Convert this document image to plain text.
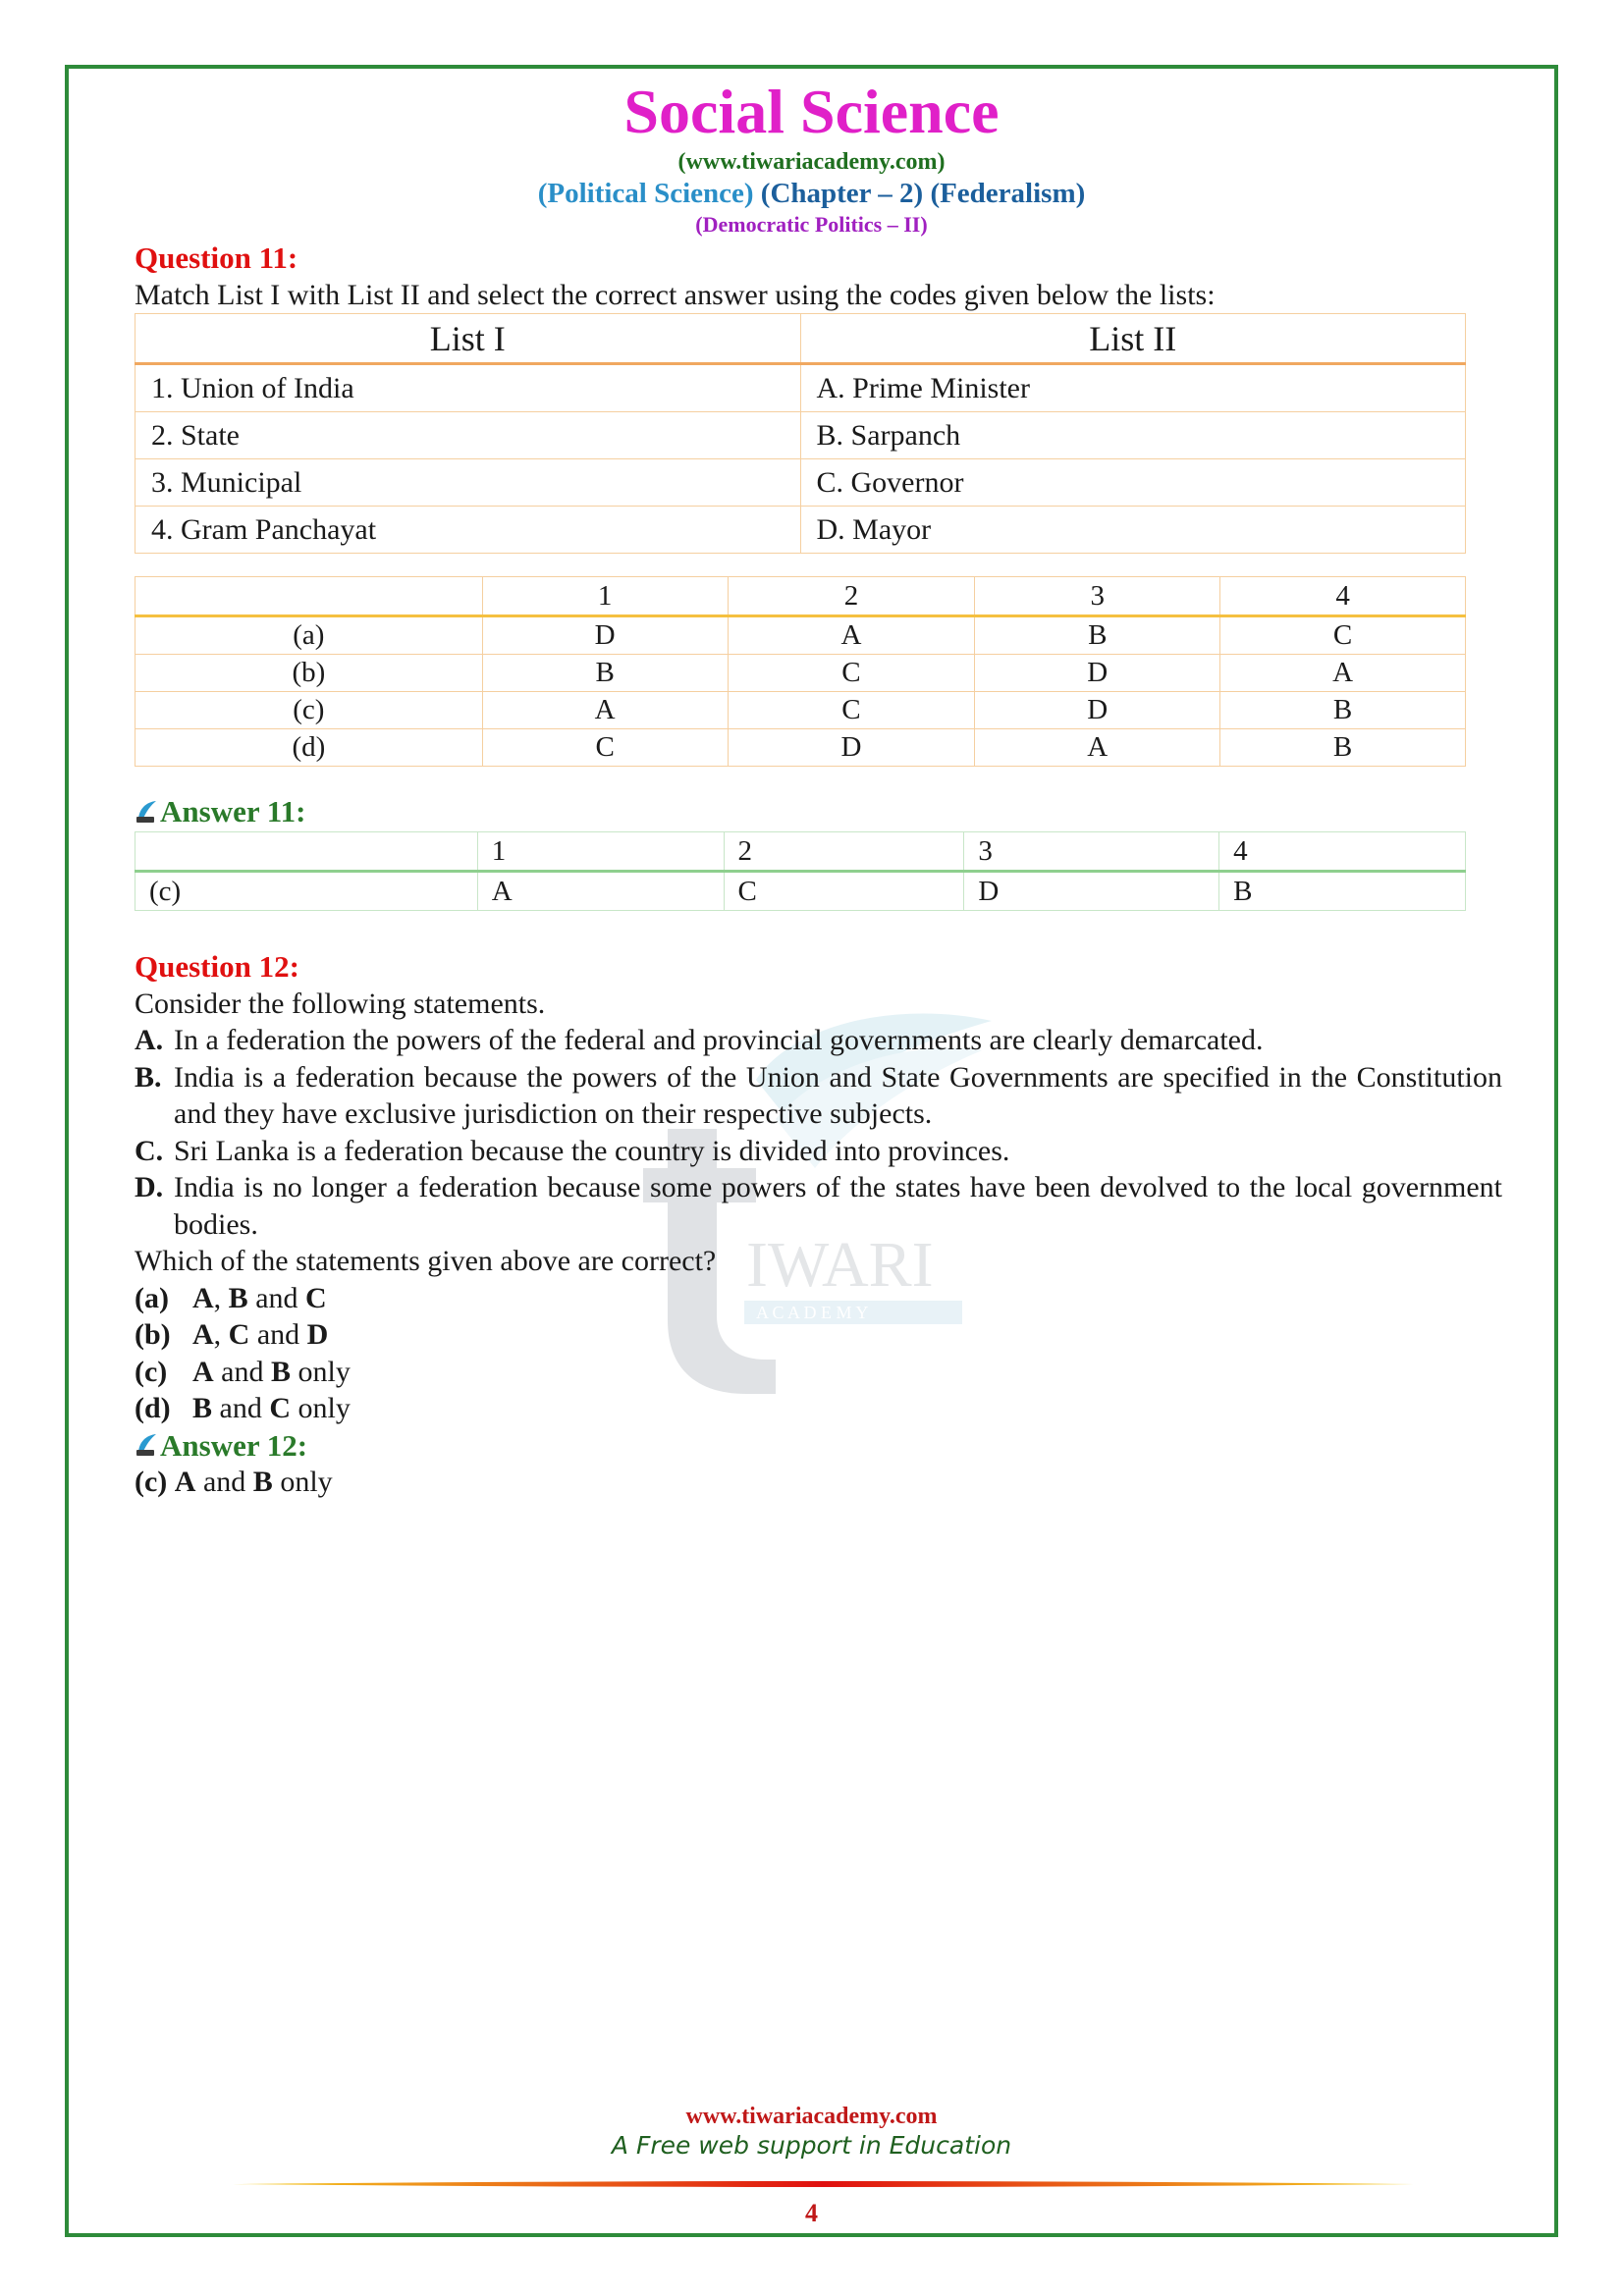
Social Science
(www.tiwariacademy.com)
(Political Science) (Chapter – 2) (Federalism)
(Democratic Politics – II)
IWARI
A C A D E M Y
Question 11:
Match List I with List II and select the correct answer using the codes given below the lists:
List I	List II
1. Union of India	A. Prime Minister
2. State	B. Sarpanch
3. Municipal	C. Governor
4. Gram Panchayat	D. Mayor
	1	2	3	4
(a)	D	A	B	C
(b)	B	C	D	A
(c)	A	C	D	B
(d)	C	D	A	B
Answer 11:
	1	2	3	4
(c)	A	C	D	B
Question 12:
Consider the following statements.
A. In a federation the powers of the federal and provincial governments are clearly demarcated.
B. India is a federation because the powers of the Union and State Governments are specified in the Constitution and they have exclusive jurisdiction on their respective subjects.
C. Sri Lanka is a federation because the country is divided into provinces.
D. India is no longer a federation because some powers of the states have been devolved to the local government bodies.
Which of the statements given above are correct?
(a) A, B and C
(b) A, C and D
(c) A and B only
(d) B and C only
Answer 12:
(c) A and B only
www.tiwariacademy.com
A Free web support in Education
4
